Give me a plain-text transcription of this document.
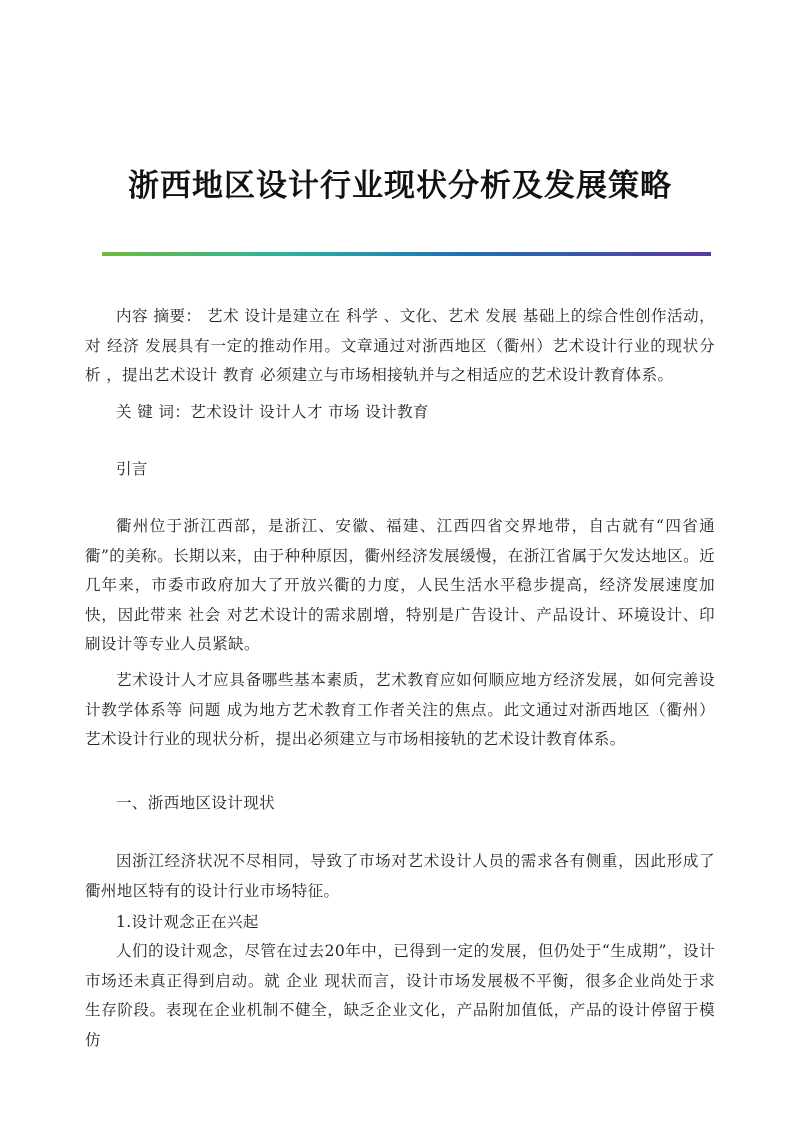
浙西地区设计行业现状分析及发展策略

内容 摘要： 艺术 设计是建立在 科学 、文化、艺术 发展 基础上的综合性创作活动，对 经济 发展具有一定的推动作用。文章通过对浙西地区（衢州）艺术设计行业的现状分析 ，提出艺术设计 教育 必须建立与市场相接轨并与之相适应的艺术设计教育体系。

关 键 词：艺术设计 设计人才 市场 设计教育

引言

衢州位于浙江西部，是浙江、安徽、福建、江西四省交界地带，自古就有“四省通衢”的美称。长期以来，由于种种原因，衢州经济发展缓慢，在浙江省属于欠发达地区。近几年来，市委市政府加大了开放兴衢的力度，人民生活水平稳步提高，经济发展速度加快，因此带来 社会 对艺术设计的需求剧增，特别是广告设计、产品设计、环境设计、印刷设计等专业人员紧缺。

艺术设计人才应具备哪些基本素质，艺术教育应如何顺应地方经济发展，如何完善设计教学体系等 问题 成为地方艺术教育工作者关注的焦点。此文通过对浙西地区（衢州）艺术设计行业的现状分析，提出必须建立与市场相接轨的艺术设计教育体系。

一、浙西地区设计现状

因浙江经济状况不尽相同，导致了市场对艺术设计人员的需求各有侧重，因此形成了衢州地区特有的设计行业市场特征。

1.设计观念正在兴起

人们的设计观念，尽管在过去20年中，已得到一定的发展，但仍处于“生成期”，设计市场还未真正得到启动。就 企业 现状而言，设计市场发展极不平衡，很多企业尚处于求生存阶段。表现在企业机制不健全，缺乏企业文化，产品附加值低，产品的设计停留于模仿
